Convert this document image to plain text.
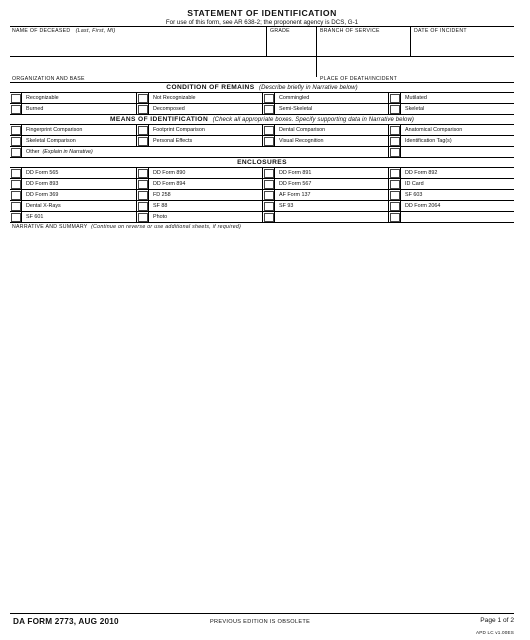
STATEMENT OF IDENTIFICATION
For use of this form, see AR 638-2; the proponent agency is DCS, G-1
NAME OF DECEASED (Last, First, MI)	GRADE	BRANCH OF SERVICE	DATE OF INCIDENT
ORGANIZATION AND BASE	PLACE OF DEATH/INCIDENT
CONDITION OF REMAINS (Describe briefly in Narrative below)
Recognizable	Not Recognizable	Commingled	Mutilated
Burned	Decomposed	Semi-Skeletal	Skeletal
MEANS OF IDENTIFICATION (Check all appropriate boxes. Specify supporting data in Narrative below)
Fingerprint Comparison	Footprint Comparison	Dental Comparison	Anatomical Comparison
Skeletal Comparison	Personal Effects	Visual Recognition	Identification Tag(s)
Other (Explain in Narrative)
ENCLOSURES
DD Form 565	DD Form 890	DD Form 891	DD Form 892
DD Form 893	DD Form 894	DD Form 567	ID Card
DD Form 369	FD 258	AF Form 137	SF 603
Dental X-Rays	SF 88	SF 93	DD Form 2064
SF 601	Photo
NARRATIVE AND SUMMARY (Continue on reverse or use additional sheets, if required)
DA FORM 2773, AUG 2010	PREVIOUS EDITION IS OBSOLETE	Page 1 of 2
APD LC v1.00ES
